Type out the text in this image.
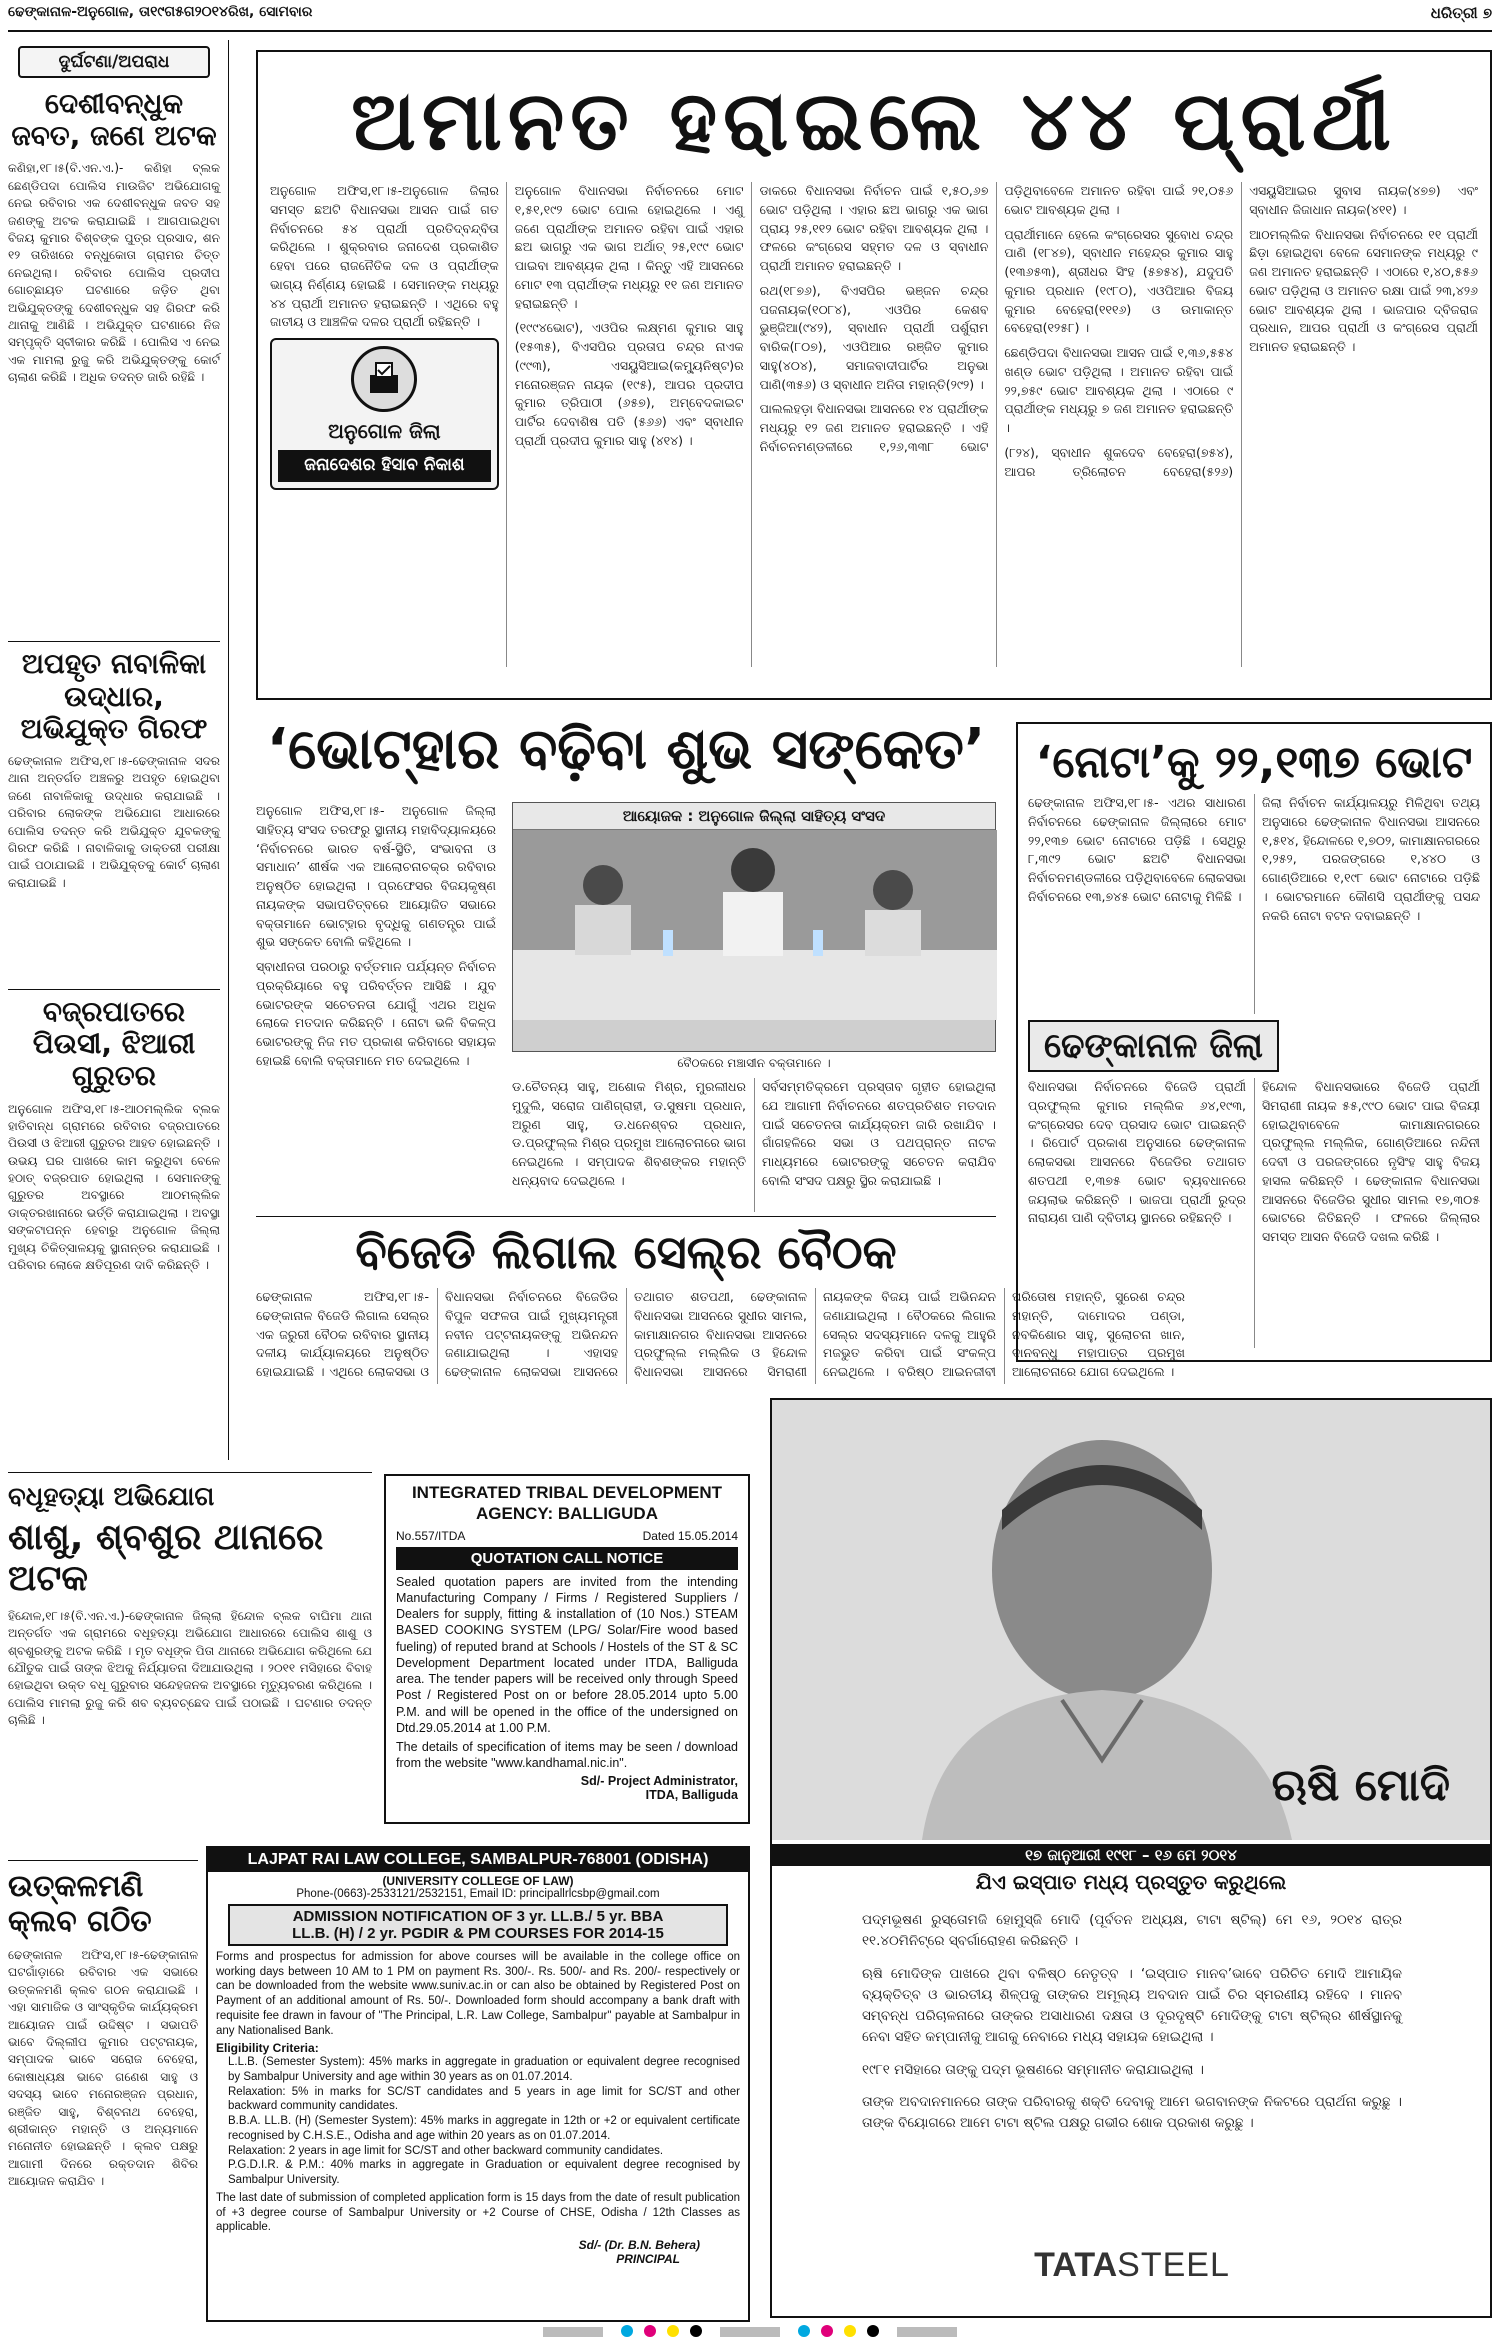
ଢେଙ୍କାନାଳ-ଅନୁଗୋଳ, ତା୧୯ଗ୫ଗ୨୦୧୪ରିଖ, ସୋମବାର	ଧରିତ୍ରୀ ୭
ଦୁର୍ଘଟଣା/ଅପରାଧ
ଦେଶୀବନ୍ଧୁକ ଜବତ, ଜଣେ ଅଟକ
କଣିହା,୧୮।୫(ବି.ଏନ.ଏ.)- କଣିହା ବ୍ଲକ ଛେଣ୍ଡିପଦା ପୋଲିସ ମାଉଜିଟ ଅଭିଯୋଗକୁ ନେଇ ରବିବାର ଏକ ଦେଶୀବନ୍ଧୁକ ଜବତ ସହ ଜଣଙ୍କୁ ଅଟକ କରାଯାଇଛି । ଆଗପାଇଥିବା ବିଜୟ କୁମାର ବିଶ୍ବଙ୍କ ପୁତ୍ର ପ୍ରସାଦ, ଶନ ୧୨ ତାରିଖରେ ବନ୍ଧୁକୋତା ଗ୍ରାମର ଚିତ୍ତ ନେଇଥିଲା। ରବିବାର ପୋଲିସ ପ୍ରଦୀପ ଗୋଚ୍ଛାୟତ ଘଟଣାରେ ଜଡ଼ିତ ଥିବା ଅଭିଯୁକ୍ତଙ୍କୁ ଦେଶୀବନ୍ଧୁକ ସହ ଗିରଫ କରି ଥାନାକୁ ଆଣିଛି । ଅଭିଯୁକ୍ତ ଘଟଣାରେ ନିଜ ସମ୍ପୃକ୍ତି ସ୍ବୀକାର କରିଛି । ପୋଲିସ ଏ ନେଇ ଏକ ମାମଲା ରୁଜୁ କରି ଅଭିଯୁକ୍ତଙ୍କୁ କୋର୍ଟ ଚାଲାଣ କରିଛି । ଅଧିକ ତଦନ୍ତ ଜାରି ରହିଛି ।
ଅପହୃତ ନାବାଳିକା ଉଦ୍ଧାର, ଅଭିଯୁକ୍ତ ଗିରଫ
ଢେଙ୍କାନାଳ ଅଫିସ,୧୮।୫-ଢେଙ୍କାନାଳ ସଦର ଥାନା ଅନ୍ତର୍ଗତ ଅଞ୍ଚଳରୁ ଅପହୃତ ହୋଇଥିବା ଜଣେ ନାବାଳିକାକୁ ଉଦ୍ଧାର କରାଯାଇଛି । ପରିବାର ଲୋକଙ୍କ ଅଭିଯୋଗ ଆଧାରରେ ପୋଲିସ ତଦନ୍ତ କରି ଅଭିଯୁକ୍ତ ଯୁବକଙ୍କୁ ଗିରଫ କରିଛି । ନାବାଳିକାକୁ ଡାକ୍ତରୀ ପରୀକ୍ଷା ପାଇଁ ପଠାଯାଇଛି । ଅଭିଯୁକ୍ତକୁ କୋର୍ଟ ଚାଲାଣ କରାଯାଇଛି ।
ବଜ୍ରପାତରେ ପିଉସୀ, ଝିଆରୀ ଗୁରୁତର
ଅନୁଗୋଳ ଅଫିସ,୧୮।୫-ଆଠମଲ୍ଲିକ ବ୍ଲକ ହାତିବାନ୍ଧ ଗ୍ରାମରେ ରବିବାର ବଜ୍ରପାତରେ ପିଉସୀ ଓ ଝିଆରୀ ଗୁରୁତର ଆହତ ହୋଇଛନ୍ତି । ଉଭୟ ଘର ପାଖରେ କାମ କରୁଥିବା ବେଳେ ହଠାତ୍ ବଜ୍ରପାତ ହୋଇଥିଲା । ସେମାନଙ୍କୁ ଗୁରୁତର ଅବସ୍ଥାରେ ଆଠମଲ୍ଲିକ ଡାକ୍ତରଖାନାରେ ଭର୍ତ୍ତି କରାଯାଇଥିଲା । ଅବସ୍ଥା ସଙ୍କଟାପନ୍ନ ହେବାରୁ ଅନୁଗୋଳ ଜିଲ୍ଲା ମୁଖ୍ୟ ଚିକିତ୍ସାଳୟକୁ ସ୍ଥାନାନ୍ତର କରାଯାଇଛି । ପରିବାର ଲୋକେ କ୍ଷତିପୂରଣ ଦାବି କରିଛନ୍ତି ।
ଅମାନତ ହରାଇଲେ ୪୪ ପ୍ରାର୍ଥୀ

ଅନୁଗୋଳ ଅଫିସ,୧୮।୫-ଅନୁଗୋଳ ଜିଲାର ସମସ୍ତ ଛଅଟି ବିଧାନସଭା ଆସନ ପାଇଁ ଗତ ନିର୍ବାଚନରେ ୫୪ ପ୍ରାର୍ଥୀ ପ୍ରତିଦ୍ବନ୍ଦ୍ବିତା କରିଥିଲେ । ଶୁକ୍ରବାର ଜନାଦେଶ ପ୍ରକାଶିତ ହେବା ପରେ ରାଜନୈତିକ ଦଳ ଓ ପ୍ରାର୍ଥୀଙ୍କ ଭାଗ୍ୟ ନିର୍ଣ୍ଣୟ ହୋଇଛି । ସେମାନଙ୍କ ମଧ୍ୟରୁ ୪୪ ପ୍ରାର୍ଥୀ ଅମାନତ ହରାଇଛନ୍ତି । ଏଥିରେ ବହୁ ଜାତୀୟ ଓ ଆଞ୍ଚଳିକ ଦଳର ପ୍ରାର୍ଥୀ ରହିଛନ୍ତି ।

ଅନୁଗୋଳ ଜିଲା
ଜନାଦେଶର ହିସାବ ନିକାଶ

ଅନୁଗୋଳ ବିଧାନସଭା ନିର୍ବାଚନରେ ମୋଟ ୧,୫୧,୧୯୨ ଭୋଟ ପୋଲ ହୋଇଥିଲେ । ଏଣୁ ଜଣେ ପ୍ରାର୍ଥୀଙ୍କ ଅମାନତ ରହିବା ପାଇଁ ଏହାର ଛଅ ଭାଗରୁ ଏକ ଭାଗ ଅର୍ଥାତ୍ ୨୫,୧୯୯ ଭୋଟ ପାଇବା ଆବଶ୍ୟକ ଥିଲା । କିନ୍ତୁ ଏହି ଆସନରେ ମୋଟ ୧୩ ପ୍ରାର୍ଥୀଙ୍କ ମଧ୍ୟରୁ ୧୧ ଜଣ ଅମାନତ ହରାଇଛନ୍ତି ।

(୧୯୯୪ଭୋଟ), ଏଓପିର ଲକ୍ଷ୍ମଣ କୁମାର ସାହୁ (୧୫୩୫), ବିଏସପିର ପ୍ରତାପ ଚନ୍ଦ୍ର ନାଏକ (୯୯୩), ଏସୟୁସିଆଇ(କମ୍ୟୁନିଷ୍ଟ)ର ମନୋରଞ୍ଜନ ନାୟକ (୧୯୫), ଆପର ପ୍ରଦୀପ କୁମାର ତ୍ରିପାଠୀ (୬୫୭), ଅମ୍ବେଦକାଇଟ ପାର୍ଟିର ଦେବାଶିଷ ପତି (୫୬୬) ଏବଂ ସ୍ବାଧୀନ ପ୍ରାର୍ଥୀ ପ୍ରଦୀପ କୁମାର ସାହୁ (୪୧୪) ।

ଡାକରେ ବିଧାନସଭା ନିର୍ବାଚନ ପାଇଁ ୧,୫୦,୬୭ ଭୋଟ ପଡ଼ିଥିଲା । ଏହାର ଛଅ ଭାଗରୁ ଏକ ଭାଗ ପ୍ରାୟ ୨୫,୧୧୨ ଭୋଟ ରହିବା ଆବଶ୍ୟକ ଥିଲା । ଫଳରେ କଂଗ୍ରେସ ସହ୍ମତ ଦଳ ଓ ସ୍ବାଧୀନ ପ୍ରାର୍ଥୀ ଅମାନତ ହରାଇଛନ୍ତି ।

ରଥ(୧୮୭୬), ବିଏସପିର ଭଞ୍ଜନ ଚନ୍ଦ୍ର ପଜନାୟକ(୧୦୮୪), ଏଓପିର କେଶବ ଭୁଞ୍ଜିଆ(୯୪୨), ସ୍ବାଧୀନ ପ୍ରାର୍ଥୀ ପର୍ଶୁରାମ ବାରିକ(୮୦୭), ଏଓପିଆର ରଞ୍ଜିତ କୁମାର ସାହୁ(୪୦୪), ସମାଜବାଦୀପାର୍ଟିର ଅନୁଭା ପାଣି(୩୫୬) ଓ ସ୍ବାଧୀନ ଅନିତା ମହାନ୍ତି(୨୯୨) ।

ପାଲଲହଡ଼ା ବିଧାନସଭା ଆସନରେ ୧୪ ପ୍ରାର୍ଥୀଙ୍କ ମଧ୍ୟରୁ ୧୨ ଜଣ ଅମାନତ ହରାଇଛନ୍ତି । ଏହି ନିର୍ବାଚନମଣ୍ଡଳୀରେ ୧,୨୬,୩୩୮ ଭୋଟ ପଡ଼ିଥିବାବେଳେ ଅମାନତ ରହିବା ପାଇଁ ୨୧,୦୫୬ ଭୋଟ ଆବଶ୍ୟକ ଥିଲା ।

ପ୍ରାର୍ଥୀମାନେ ହେଲେ କଂଗ୍ରେସର ସୁବୋଧ ଚନ୍ଦ୍ର ପାଣି (୧୮୪୭), ସ୍ବାଧୀନ ମହେନ୍ଦ୍ର କୁମାର ସାହୁ (୧୩୬୫୩), ଶ୍ରୀଧର ସିଂହ (୫୭୫୪), ଯଦୁପତି କୁମାର ପ୍ରଧାନ (୧୯୮୦), ଏଓପିଆର ବିଜୟ କୁମାର ବେହେରା(୧୧୧୬) ଓ ଉମାକାନ୍ତ ବେହେରା(୧୨୫୮) ।

ଛେଣ୍ଡିପଦା ବିଧାନସଭା ଆସନ ପାଇଁ ୧,୩୬,୫୫୪ ଖଣ୍ଡ ଭୋଟ ପଡ଼ିଥିଲା । ଅମାନତ ରହିବା ପାଇଁ ୨୨,୭୫୯ ଭୋଟ ଆବଶ୍ୟକ ଥିଲା । ଏଠାରେ ୯ ପ୍ରାର୍ଥୀଙ୍କ ମଧ୍ୟରୁ ୭ ଜଣ ଅମାନତ ହରାଇଛନ୍ତି ।

(୮୨୪), ସ୍ବାଧୀନ ଶୁକଦେବ ବେହେରା(୭୫୪), ଆପର ତ୍ରିଲୋଚନ ବେହେରା(୫୨୬) ଏସୟୁସିଆଇର ସୁବାସ ନାୟକ(୪୭୭) ଏବଂ ସ୍ବାଧୀନ ଜିଜାଧାନ ନାୟକ(୪୧୧) ।

ଆଠମଲ୍ଲିକ ବିଧାନସଭା ନିର୍ବାଚନରେ ୧୧ ପ୍ରାର୍ଥୀ ଛିଡ଼ା ହୋଇଥିବା ବେଳେ ସେମାନଙ୍କ ମଧ୍ୟରୁ ୯ ଜଣ ଅମାନତ ହରାଇଛନ୍ତି । ଏଠାରେ ୧,୪୦,୫୫୬ ଭୋଟ ପଡ଼ିଥିଲା ଓ ଅମାନତ ରକ୍ଷା ପାଇଁ ୨୩,୪୨୬ ଭୋଟ ଆବଶ୍ୟକ ଥିଲା । ଭାଜପାର ଦ୍ବିଜରାଜ ପ୍ରଧାନ, ଆପର ପ୍ରାର୍ଥୀ ଓ କଂଗ୍ରେସ ପ୍ରାର୍ଥୀ ଅମାନତ ହରାଇଛନ୍ତି ।

‘ଭୋଟ୍‌ହାର ବଢ଼ିବା ଶୁଭ ସଙ୍କେତ’

ଅନୁଗୋଳ ଅଫିସ,୧୮।୫- ଅନୁଗୋଳ ଜିଲ୍ଲା ସାହିତ୍ୟ ସଂସଦ ତରଫରୁ ସ୍ଥାନୀୟ ମହାବିଦ୍ୟାଳୟରେ ‘ନିର୍ବାଚନରେ ଭାରତ ବର୍ଷ-ସ୍ଥିତି, ସଂଭାବନା ଓ ସମାଧାନ’ ଶୀର୍ଷକ ଏକ ଆଲୋଚନାଚକ୍ର ରବିବାର ଅନୁଷ୍ଠିତ ହୋଇଥିଲା । ପ୍ରଫେସର ବିଜୟକୃଷ୍ଣ ନାୟକଙ୍କ ସଭାପତିତ୍ବରେ ଆୟୋଜିତ ସଭାରେ ବକ୍ତାମାନେ ଭୋଟ୍‌ହାର ବୃଦ୍ଧିକୁ ଗଣତନ୍ତ୍ର ପାଇଁ ଶୁଭ ସଙ୍କେତ ବୋଲି କହିଥିଲେ ।

ସ୍ବାଧୀନତା ପରଠାରୁ ବର୍ତ୍ତମାନ ପର୍ଯ୍ୟନ୍ତ ନିର୍ବାଚନ ପ୍ରକ୍ରିୟାରେ ବହୁ ପରିବର୍ତ୍ତନ ଆସିଛି । ଯୁବ ଭୋଟରଙ୍କ ସଚେତନତା ଯୋଗୁଁ ଏଥର ଅଧିକ ଲୋକେ ମତଦାନ କରିଛନ୍ତି । ନୋଟା ଭଳି ବିକଳ୍ପ ଭୋଟରଙ୍କୁ ନିଜ ମତ ପ୍ରକାଶ କରିବାରେ ସହାୟକ ହୋଇଛି ବୋଲି ବକ୍ତାମାନେ ମତ ଦେଇଥିଲେ ।

ଆୟୋଜକ : ଅନୁଗୋଳ ଜିଲ୍ଲା ସାହିତ୍ୟ ସଂସଦ
ବୈଠକରେ ମଞ୍ଚାସୀନ ବକ୍ତାମାନେ ।

ଡ.ଚୈତନ୍ୟ ସାହୁ, ଅଶୋକ ମିଶ୍ର, ମୁରଲୀଧର ମୁଦୁଲି, ସରୋଜ ପାଣିଗ୍ରାହୀ, ଡ.ସୁଷମା ପ୍ରଧାନ, ଅରୁଣ ସାହୁ, ଡ.ଧନେଶ୍ବର ପ୍ରଧାନ, ଡ.ପ୍ରଫୁଲ୍ଲ ମିଶ୍ର ପ୍ରମୁଖ ଆଲୋଚନାରେ ଭାଗ ନେଇଥିଲେ । ସମ୍ପାଦକ ଶିବଶଙ୍କର ମହାନ୍ତି ଧନ୍ୟବାଦ ଦେଇଥିଲେ ।

ସର୍ବସମ୍ମତିକ୍ରମେ ପ୍ରସ୍ତାବ ଗୃହୀତ ହୋଇଥିଲା ଯେ ଆଗାମୀ ନିର୍ବାଚନରେ ଶତପ୍ରତିଶତ ମତଦାନ ପାଇଁ ସଚେତନତା କାର୍ଯ୍ୟକ୍ରମ ଜାରି ରଖାଯିବ । ଗାଁଗହଳିରେ ସଭା ଓ ପଥପ୍ରାନ୍ତ ନାଟକ ମାଧ୍ୟମରେ ଭୋଟରଙ୍କୁ ସଚେତନ କରାଯିବ ବୋଲି ସଂସଦ ପକ୍ଷରୁ ସ୍ଥିର କରାଯାଇଛି ।

ବିଜେଡି ଲିଗାଲ ସେଲ୍‌ର ବୈଠକ
ଢେଙ୍କାନାଳ ଅଫିସ,୧୮।୫-ଢେଙ୍କାନାଳ ବିଜେଡି ଲିଗାଲ ସେଲ୍‌ର ଏକ ଜରୁରୀ ବୈଠକ ରବିବାର ସ୍ଥାନୀୟ ଦଳୀୟ କାର୍ଯ୍ୟାଳୟରେ ଅନୁଷ୍ଠିତ ହୋଇଯାଇଛି । ଏଥିରେ ଲୋକସଭା ଓ ବିଧାନସଭା ନିର୍ବାଚନରେ ବିଜେଡିର ବିପୁଳ ସଫଳତା ପାଇଁ ମୁଖ୍ୟମନ୍ତ୍ରୀ ନବୀନ ପଟ୍ଟନାୟକଙ୍କୁ ଅଭିନନ୍ଦନ ଜଣାଯାଇଥିଲା । ଏହାସହ ଢେଙ୍କାନାଳ ଲୋକସଭା ଆସନରେ ତଥାଗତ ଶତପଥୀ, ଢେଙ୍କାନାଳ ବିଧାନସଭା ଆସନରେ ସୁଧୀର ସାମଲ, କାମାକ୍ଷାନଗର ବିଧାନସଭା ଆସନରେ ପ୍ରଫୁଲ୍ଲ ମଲ୍ଲିକ ଓ ହିନ୍ଦୋଳ ବିଧାନସଭା ଆସନରେ ସିମରାଣୀ ନାୟକଙ୍କ ବିଜୟ ପାଇଁ ଅଭିନନ୍ଦନ ଜଣାଯାଇଥିଲା । ବୈଠକରେ ଲିଗାଲ ସେଲ୍‌ର ସଦସ୍ୟମାନେ ଦଳକୁ ଆହୁରି ମଜଭୁତ କରିବା ପାଇଁ ସଂକଳ୍ପ ନେଇଥିଲେ । ବରିଷ୍ଠ ଆଇନଜୀବୀ ପରିତୋଷ ମହାନ୍ତି, ସୁରେଶ ଚନ୍ଦ୍ର ମହାନ୍ତି, ଦାମୋଦର ପଣ୍ଡା, ନବକିଶୋର ସାହୁ, ସୁଲୋଚନା ଖାନ, ଦାନବନ୍ଧୁ ମହାପାତ୍ର ପ୍ରମୁଖ ଆଲୋଚନାରେ ଯୋଗ ଦେଇଥିଲେ ।
‘ନୋଟା’କୁ ୨୨,୧୩୭ ଭୋଟ

ଢେଙ୍କାନାଳ ଅଫିସ,୧୮।୫- ଏଥର ସାଧାରଣ ନିର୍ବାଚନରେ ଢେଙ୍କାନାଳ ଜିଲ୍ଲାରେ ମୋଟ ୨୨,୧୩୭ ଭୋଟ ନୋଟାରେ ପଡ଼ିଛି । ସେଥିରୁ ୮,୩୯୨ ଭୋଟ ଛଅଟି ବିଧାନସଭା ନିର୍ବାଚନମଣ୍ଡଳୀରେ ପଡ଼ିଥିବାବେଳେ ଲୋକସଭା ନିର୍ବାଚନରେ ୧୩,୭୪୫ ଭୋଟ ନୋଟାକୁ ମିଳିଛି ।

ଜିଲା ନିର୍ବାଚନ କାର୍ଯ୍ୟାଳୟରୁ ମିଳିଥିବା ତଥ୍ୟ ଅନୁସାରେ ଢେଙ୍କାନାଳ ବିଧାନସଭା ଆସନରେ ୧,୫୧୪, ହିନ୍ଦୋଳରେ ୧,୭୦୨, କାମାକ୍ଷାନଗରରେ ୧,୨୫୨, ପରଜଙ୍ଗରେ ୧,୪୪୦ ଓ ଗୋଣ୍ଡିଆରେ ୧,୧୯୮ ଭୋଟ ନୋଟାରେ ପଡ଼ିଛି । ଭୋଟରମାନେ କୌଣସି ପ୍ରାର୍ଥୀଙ୍କୁ ପସନ୍ଦ ନକରି ନୋଟା ବଟନ ଦବାଇଛନ୍ତି ।

ଢେଙ୍କାନାଳ ଜିଲା

ବିଧାନସଭା ନିର୍ବାଚନରେ ବିଜେଡି ପ୍ରାର୍ଥୀ ପ୍ରଫୁଲ୍ଲ କୁମାର ମଲ୍ଲିକ ୬୪,୧୯୩, କଂଗ୍ରେସର ଦେବ ପ୍ରସାଦ ଭୋଟ ପାଇଛନ୍ତି । ରିପୋର୍ଟ ପ୍ରକାଶ ଅନୁସାରେ ଢେଙ୍କାନାଳ ଲୋକସଭା ଆସନରେ ବିଜେଡିର ତଥାଗତ ଶତପଥୀ ୧,୩୭୫ ଭୋଟ ବ୍ୟବଧାନରେ ଜୟଲାଭ କରିଛନ୍ତି । ଭାଜପା ପ୍ରାର୍ଥୀ ରୁଦ୍ର ନାରାୟଣ ପାଣି ଦ୍ବିତୀୟ ସ୍ଥାନରେ ରହିଛନ୍ତି ।

ହିନ୍ଦୋଳ ବିଧାନସଭାରେ ବିଜେଡି ପ୍ରାର୍ଥୀ ସିମରାଣୀ ନାୟକ ୫୫,୯୯୦ ଭୋଟ ପାଇ ବିଜୟୀ ହୋଇଥିବାବେଳେ କାମାକ୍ଷାନଗରରେ ପ୍ରଫୁଲ୍ଲ ମଲ୍ଲିକ, ଗୋଣ୍ଡିଆରେ ନନ୍ଦିନୀ ଦେବୀ ଓ ପରଜଙ୍ଗରେ ନୃସିଂହ ସାହୁ ବିଜୟ ହାସଲ କରିଛନ୍ତି । ଢେଙ୍କାନାଳ ବିଧାନସଭା ଆସନରେ ବିଜେଡିର ସୁଧୀର ସାମଲ ୧୭,୩୦୫ ଭୋଟରେ ଜିତିଛନ୍ତି । ଫଳରେ ଜିଲ୍ଲାର ସମସ୍ତ ଆସନ ବିଜେଡି ଦଖଲ କରିଛି ।

ବଧୂହତ୍ୟା ଅଭିଯୋଗ
ଶାଶୁ, ଶ୍ବଶୁର ଥାନାରେ ଅଟକ
ହିନ୍ଦୋଳ,୧୮।୫(ବି.ଏନ.ଏ.)-ଢେଙ୍କାନାଳ ଜିଲ୍ଲା ହିନ୍ଦୋଳ ବ୍ଲକ ବାଘିମା ଥାନା ଅନ୍ତର୍ଗତ ଏକ ଗ୍ରାମରେ ବଧୂହତ୍ୟା ଅଭିଯୋଗ ଆଧାରରେ ପୋଲିସ ଶାଶୁ ଓ ଶ୍ବଶୁରଙ୍କୁ ଅଟକ କରିଛି । ମୃତ ବଧୂଙ୍କ ପିତା ଥାନାରେ ଅଭିଯୋଗ କରିଥିଲେ ଯେ ଯୌତୁକ ପାଇଁ ତାଙ୍କ ଝିଅକୁ ନିର୍ଯ୍ୟାତନା ଦିଆଯାଉଥିଲା । ୨୦୧୧ ମସିହାରେ ବିବାହ ହୋଇଥିବା ଉକ୍ତ ବଧୂ ଗୁରୁବାର ସନ୍ଦେହଜନକ ଅବସ୍ଥାରେ ମୃତ୍ୟୁବରଣ କରିଥିଲେ । ପୋଲିସ ମାମଲା ରୁଜୁ କରି ଶବ ବ୍ୟବଚ୍ଛେଦ ପାଇଁ ପଠାଇଛି । ଘଟଣାର ତଦନ୍ତ ଚାଲିଛି ।
ଉତ୍କଳମଣି କ୍ଲବ ଗଠିତ
ଢେଙ୍କାନାଳ ଅଫିସ,୧୮।୫-ଢେଙ୍କାନାଳ ଘଟଗାଁଡ଼ାରେ ରବିବାର ଏକ ସଭାରେ ଉତ୍କଳମଣି କ୍ଲବ ଗଠନ କରାଯାଇଛି । ଏହା ସାମାଜିକ ଓ ସାଂସ୍କୃତିକ କାର୍ଯ୍ୟକ୍ରମ ଆୟୋଜନ ପାଇଁ ଉଦ୍ଦିଷ୍ଟ । ସଭାପତି ଭାବେ ଦିଲ୍ଲୀପ କୁମାର ପଟ୍ଟନାୟକ, ସମ୍ପାଦକ ଭାବେ ସରୋଜ ବେହେରା, କୋଷାଧ୍ୟକ୍ଷ ଭାବେ ଗଣେଶ ସାହୁ ଓ ସଦସ୍ୟ ଭାବେ ମନୋରଞ୍ଜନ ପ୍ରଧାନ, ରଞ୍ଜିତ ସାହୁ, ବିଶ୍ବନାଥ ବେହେରା, ଶ୍ରୀକାନ୍ତ ମହାନ୍ତି ଓ ଅନ୍ୟମାନେ ମନୋନୀତ ହୋଇଛନ୍ତି । କ୍ଲବ ପକ୍ଷରୁ ଆଗାମୀ ଦିନରେ ରକ୍ତଦାନ ଶିବିର ଆୟୋଜନ କରାଯିବ ।
INTEGRATED TRIBAL DEVELOPMENT AGENCY: BALLIGUDA
No.557/ITDA	Dated 15.05.2014
QUOTATION CALL NOTICE
Sealed quotation papers are invited from the intending Manufacturing Company / Firms / Registered Suppliers / Dealers for supply, fitting & installation of (10 Nos.) STEAM BASED COOKING SYSTEM (LPG/ Solar/Fire wood based fueling) of reputed brand at Schools / Hostels of the ST & SC Development Department located under ITDA, Balliguda area. The tender papers will be received only through Speed Post / Registered Post on or before 28.05.2014 upto 5.00 P.M. and will be opened in the office of the undersigned on Dtd.29.05.2014 at 1.00 P.M.
The details of specification of items may be seen / download from the website "www.kandhamal.nic.in".
Sd/- Project Administrator,
ITDA, Balliguda
LAJPAT RAI LAW COLLEGE, SAMBALPUR-768001 (ODISHA)
(UNIVERSITY COLLEGE OF LAW)
Phone-(0663)-2533121/2532151, Email ID: principallrlcsbp@gmail.com
ADMISSION NOTIFICATION OF 3 yr. LL.B./ 5 yr. BBA
LL.B. (H) / 2 yr. PGDIR & PM COURSES FOR 2014-15
Forms and prospectus for admission for above courses will be available in the college office on working days between 10 AM to 1 PM on payment Rs. 300/-. Rs. 500/- and Rs. 200/- respectively or can be downloaded from the website www.suniv.ac.in or can also be obtained by Registered Post on Payment of an additional amount of Rs. 50/-. Downloaded form should accompany a bank draft with requisite fee drawn in favour of "The Principal, L.R. Law College, Sambalpur" payable at Sambalpur in any Nationalised Bank.
Eligibility Criteria:
L.L.B. (Semester System): 45% marks in aggregate in graduation or equivalent degree recognised by Sambalpur University and age within 30 years as on 01.07.2014.
Relaxation: 5% in marks for SC/ST candidates and 5 years in age limit for SC/ST and other backward community candidates.
B.B.A. LL.B. (H) (Semester System): 45% marks in aggregate in 12th or +2 or equivalent certificate recognised by C.H.S.E., Odisha and age within 20 years as on 01.07.2014.
Relaxation: 2 years in age limit for SC/ST and other backward community candidates.
P.G.D.I.R. & P.M.: 40% marks in aggregate in Graduation or equivalent degree recognised by Sambalpur University.
The last date of submission of completed application form is 15 days from the date of result publication of +3 degree course of Sambalpur University or +2 Course of CHSE, Odisha / 12th Classes as applicable.
Sd/- (Dr. B.N. Behera)
PRINCIPAL
ଋଷି ମୋଦି
୧୭ ଜାନୁଆରୀ ୧୯୧୮ – ୧୬ ମେ ୨୦୧୪
ଯିଏ ଇସ୍ପାତ ମଧ୍ୟ ପ୍ରସ୍ତୁତ କରୁଥିଲେ

ପଦ୍ମଭୂଷଣ ରୁସ୍ତୋମଜି ହୋମୁସ୍‌ଜି ମୋଦି (ପୂର୍ବତନ ଅଧ୍ୟକ୍ଷ, ଟାଟା ଷ୍ଟିଲ୍) ମେ ୧୬, ୨୦୧୪ ରାତ୍ର ୧୧.୪୦ମିନିଟ୍‌ରେ ସ୍ବର୍ଗାରୋହଣ କରିଛନ୍ତି ।

ଋଷି ମୋଦିଙ୍କ ପାଖରେ ଥିବା ବଳିଷ୍ଠ ନେତୃତ୍ବ । ‘ଇସ୍ପାତ ମାନବ’ଭାବେ ପରିଚିତ ମୋଦି ଆମାୟିକ ବ୍ୟକ୍ତିତ୍ବ ଓ ଭାରତୀୟ ଶିଳ୍ପକୁ ତାଙ୍କର ଅମୂଲ୍ୟ ଅବଦାନ ପାଇଁ ଚିର ସ୍ମରଣୀୟ ରହିବେ । ମାନବ ସମ୍ବନ୍ଧ ପରିଚାଳନାରେ ତାଙ୍କର ଅସାଧାରଣ ଦକ୍ଷତା ଓ ଦୂରଦୃଷ୍ଟି ମୋଦିଙ୍କୁ ଟାଟା ଷ୍ଟିଲ୍‌ର ଶୀର୍ଷସ୍ଥାନକୁ ନେବା ସହିତ କମ୍ପାନୀକୁ ଆଗକୁ ନେବାରେ ମଧ୍ୟ ସହାୟକ ହୋଇଥିଲା ।

୧୯୮୧ ମସିହାରେ ତାଙ୍କୁ ପଦ୍ମ ଭୂଷଣରେ ସମ୍ମାନୀତ କରାଯାଇଥିଲା ।

ତାଙ୍କ ଅବଦାନମାନରେ ତାଙ୍କ ପରିବାରକୁ ଶକ୍ତି ଦେବାକୁ ଆମେ ଭଗବାନଙ୍କ ନିକଟରେ ପ୍ରାର୍ଥନା କରୁଛୁ । ତାଙ୍କ ବିୟୋଗରେ ଆମେ ଟାଟା ଷ୍ଟିଲ ପକ୍ଷରୁ ଗଭୀର ଶୋକ ପ୍ରକାଶ କରୁଛୁ ।

TATASTEEL
